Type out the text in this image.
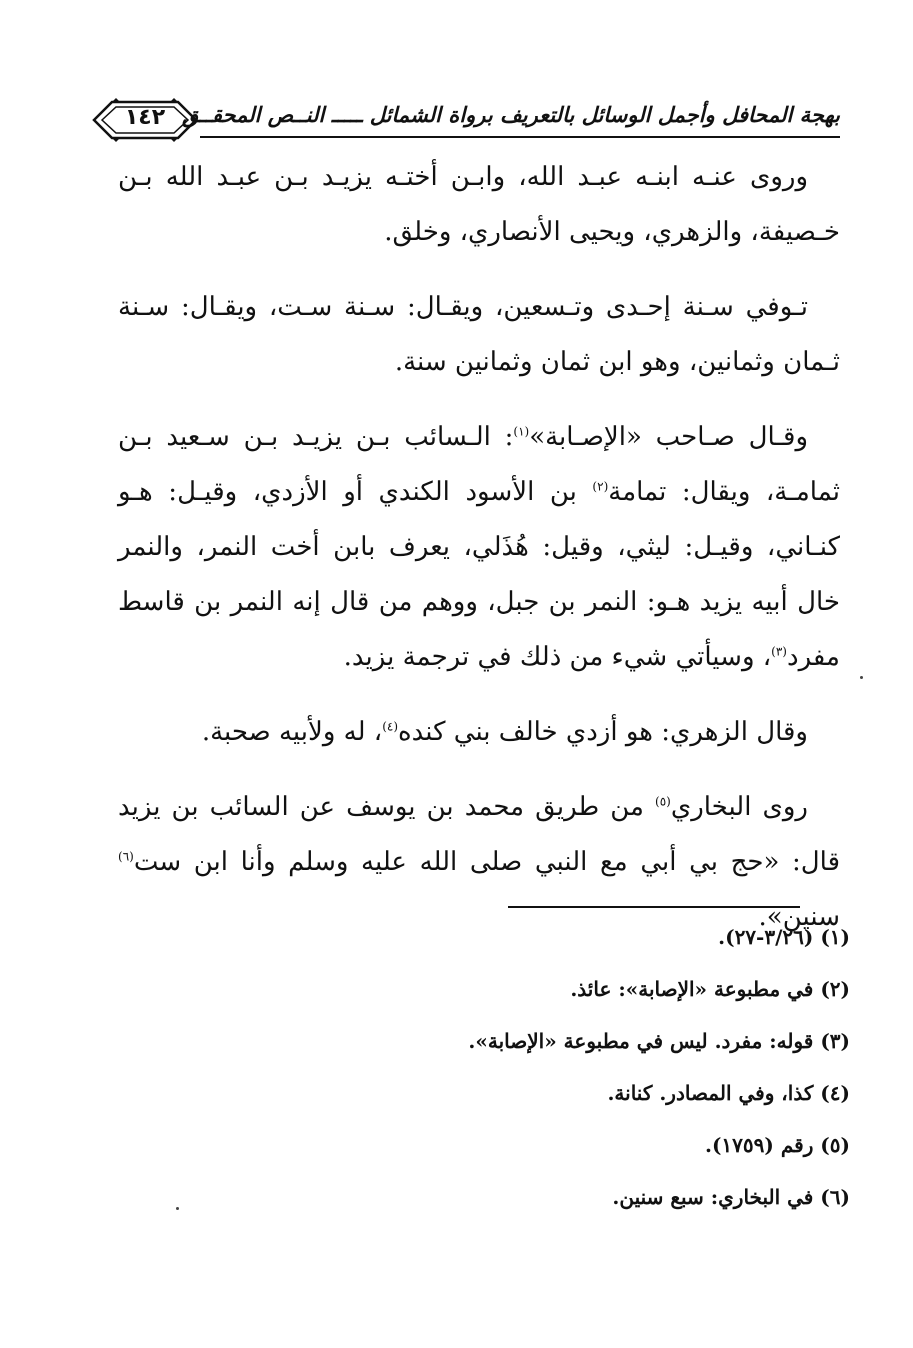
بهجة المحافل وأجمل الوسائل بالتعريف برواة الشمائل ـــــ النــص المحقــق
١٤٢

وروى عنـه ابنـه عبـد الله، وابـن أختـه يزيـد بـن عبـد الله بـن خـصيفة، والزهري، ويحيى الأنصاري، وخلق.

تـوفي سـنة إحـدى وتـسعين، ويقـال: سـنة سـت، ويقـال: سـنة ثـمان وثمانين، وهو ابن ثمان وثمانين سنة.

وقـال صـاحب «الإصـابة»$^{(١)}$: الـسائب بـن يزيـد بـن سـعيد بـن ثمامـة، ويقال: تمامة$^{(٢)}$ بن الأسود الكندي أو الأزدي، وقيـل: هـو كنـاني، وقيـل: ليثي، وقيل: هُذَلي، يعرف بابن أخت النمر، والنمر خال أبيه يزيد هـو: النمر بن جبل، ووهم من قال إنه النمر بن قاسط مفرد$^{(٣)}$، وسيأتي شيء من ذلك في ترجمة يزيد.

وقال الزهري: هو أزدي خالف بني كنده$^{(٤)}$، له ولأبيه صحبة.

روى البخاري$^{(٥)}$ من طريق محمد بن يوسف عن السائب بن يزيد قال: «حج بي أبي مع النبي صلى الله عليه وسلم وأنا ابن ست$^{(٦)}$ سنين».

(١) (٣/٢٦-٢٧).
(٢) في مطبوعة «الإصابة»: عائذ.
(٣) قوله: مفرد. ليس في مطبوعة «الإصابة».
(٤) كذا، وفي المصادر. كنانة.
(٥) رقم (١٧٥٩).
(٦) في البخاري: سبع سنين.
